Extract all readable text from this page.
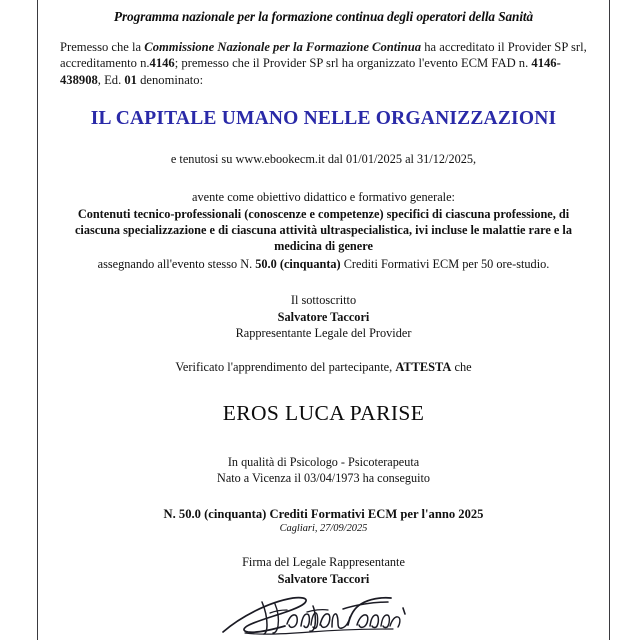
Programma nazionale per la formazione continua degli operatori della Sanità
Premesso che la Commissione Nazionale per la Formazione Continua ha accreditato il Provider SP srl, accreditamento n.4146; premesso che il Provider SP srl ha organizzato l'evento ECM FAD n. 4146-438908, Ed. 01 denominato:
IL CAPITALE UMANO NELLE ORGANIZZAZIONI
e tenutosi su www.ebookecm.it dal 01/01/2025 al 31/12/2025,
avente come obiettivo didattico e formativo generale:
Contenuti tecnico-professionali (conoscenze e competenze) specifici di ciascuna professione, di ciascuna specializzazione e di ciascuna attività ultraspecialistica, ivi incluse le malattie rare e la medicina di genere
assegnando all'evento stesso N. 50.0 (cinquanta) Crediti Formativi ECM per 50 ore-studio.
Il sottoscritto
Salvatore Taccori
Rappresentante Legale del Provider
Verificato l'apprendimento del partecipante, ATTESTA che
EROS LUCA PARISE
In qualità di Psicologo - Psicoterapeuta
Nato a Vicenza il 03/04/1973 ha conseguito
N. 50.0 (cinquanta) Crediti Formativi ECM per l'anno 2025
Cagliari, 27/09/2025
Firma del Legale Rappresentante
Salvatore Taccori
